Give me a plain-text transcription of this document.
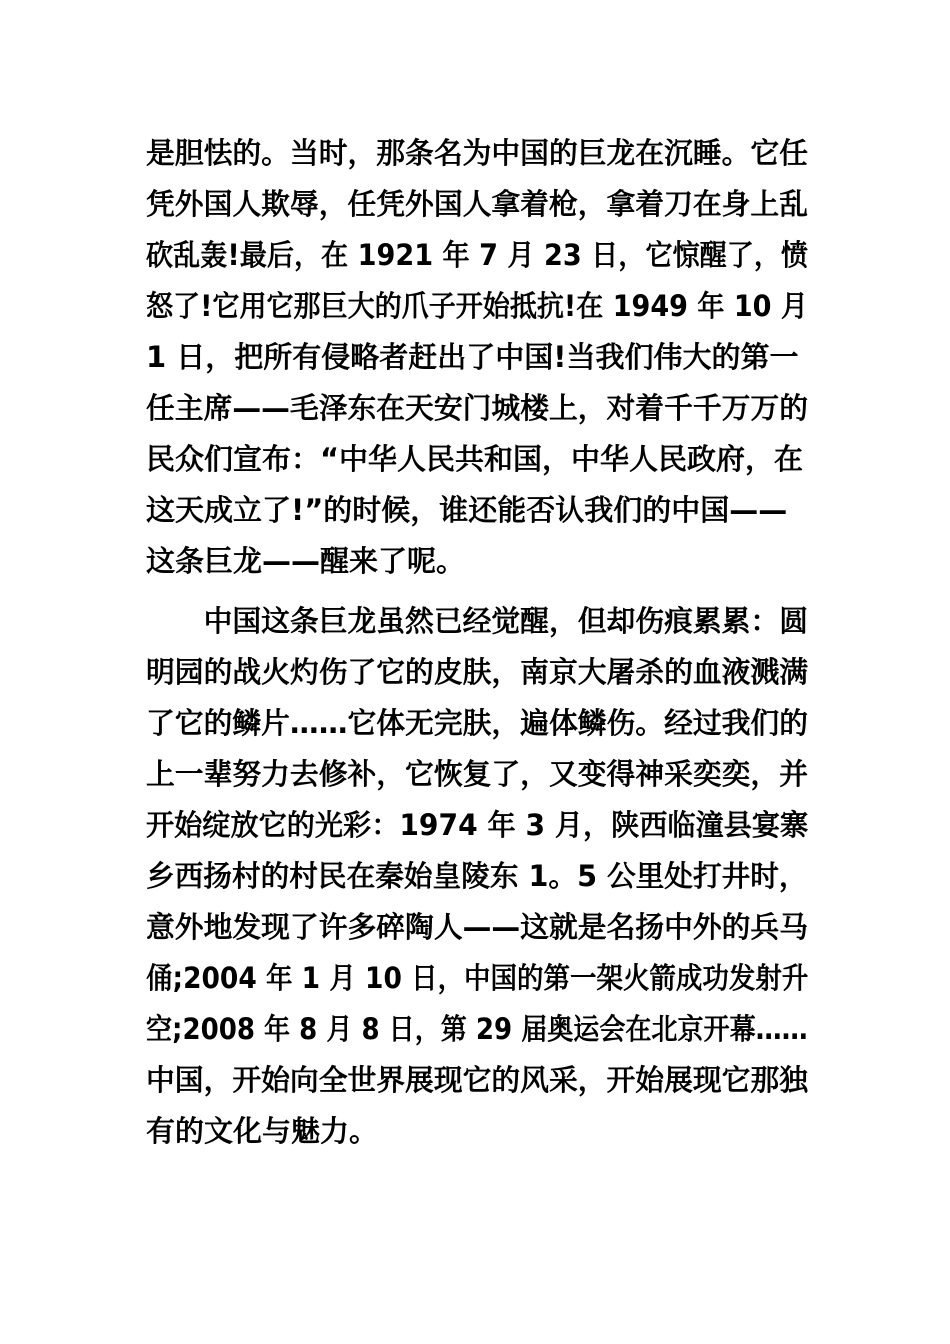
是胆怯的。当时，那条名为中国的巨龙在沉睡。它任
凭外国人欺辱，任凭外国人拿着枪，拿着刀在身上乱
砍乱轰!最后，在 1921 年 7 月 23 日，它惊醒了，愤
怒了!它用它那巨大的爪子开始抵抗!在 1949 年 10 月
1 日，把所有侵略者赶出了中国!当我们伟大的第一
任主席——毛泽东在天安门城楼上，对着千千万万的
民众们宣布：“中华人民共和国，中华人民政府，在
这天成立了!”的时候，谁还能否认我们的中国——
这条巨龙——醒来了呢。
　　中国这条巨龙虽然已经觉醒，但却伤痕累累：圆
明园的战火灼伤了它的皮肤，南京大屠杀的血液溅满
了它的鳞片……它体无完肤，遍体鳞伤。经过我们的
上一辈努力去修补，它恢复了，又变得神采奕奕，并
开始绽放它的光彩：1974 年 3 月，陕西临潼县宴寨
乡西扬村的村民在秦始皇陵东 1。5 公里处打井时，
意外地发现了许多碎陶人——这就是名扬中外的兵马
俑;2004 年 1 月 10 日，中国的第一架火箭成功发射升
空;2008 年 8 月 8 日，第 29 届奥运会在北京开幕……
中国，开始向全世界展现它的风采，开始展现它那独
有的文化与魅力。
